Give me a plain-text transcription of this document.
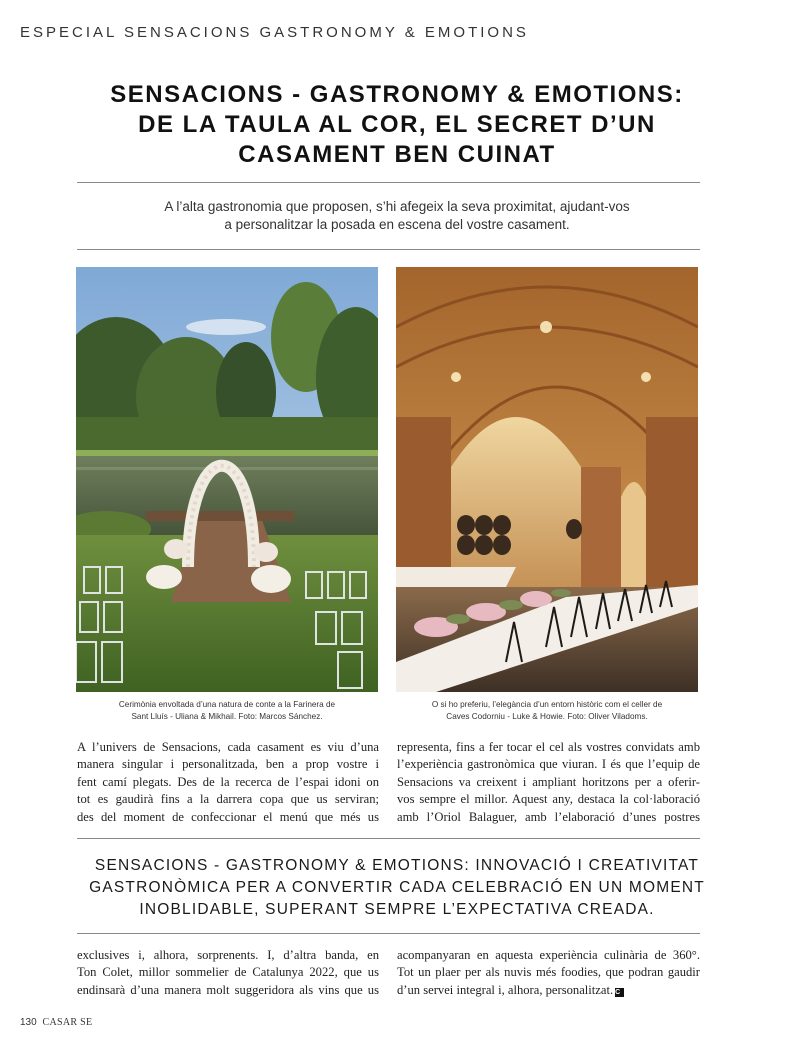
ESPECIAL SENSACIONS GASTRONOMY & EMOTIONS
SENSACIONS - GASTRONOMY & EMOTIONS:
DE LA TAULA AL COR, EL SECRET D’UN
CASAMENT BEN CUINAT
A l’alta gastronomia que proposen, s’hi afegeix la seva proximitat, ajudant-vos
a personalitzar la posada en escena del vostre casament.
Cerimònia envoltada d’una natura de conte a la Farinera de
Sant Lluís - Uliana & Mikhail. Foto: Marcos Sánchez.
O si ho preferiu, l’elegància d’un entorn històric com el celler de
Caves Codorniu - Luke & Howie. Foto: Oliver Viladoms.
A l’univers de Sensacions, cada casament es viu d’una
manera singular i personalitzada, ben a prop vostre i
fent camí plegats. Des de la recerca de l’espai idoni on
tot es gaudirà fins a la darrera copa que us serviran;
des del moment de confeccionar el menú que més us
representa, fins a fer tocar el cel als vostres convidats amb
l’experiència gastronòmica que viuran. I és que l’equip de
Sensacions va creixent i ampliant horitzons per a oferir-
vos sempre el millor. Aquest any, destaca la col·laboració
amb l’Oriol Balaguer, amb l’elaboració d’unes postres
SENSACIONS - GASTRONOMY & EMOTIONS: INNOVACIÓ I CREATIVITAT
GASTRONÒMICA PER A CONVERTIR CADA CELEBRACIÓ EN UN MOMENT
INOBLIDABLE, SUPERANT SEMPRE L’EXPECTATIVA CREADA.
exclusives i, alhora, sorprenents. I, d’altra banda, en
Ton Colet, millor sommelier de Catalunya 2022, que us
endinsarà d’una manera molt suggeridora als vins que us
acompanyaran en aquesta experiència culinària de 360°.
Tot un plaer per als nuvis més foodies, que podran gaudir
d’un servei integral i, alhora, personalitzat. C
130 CASAR SE
